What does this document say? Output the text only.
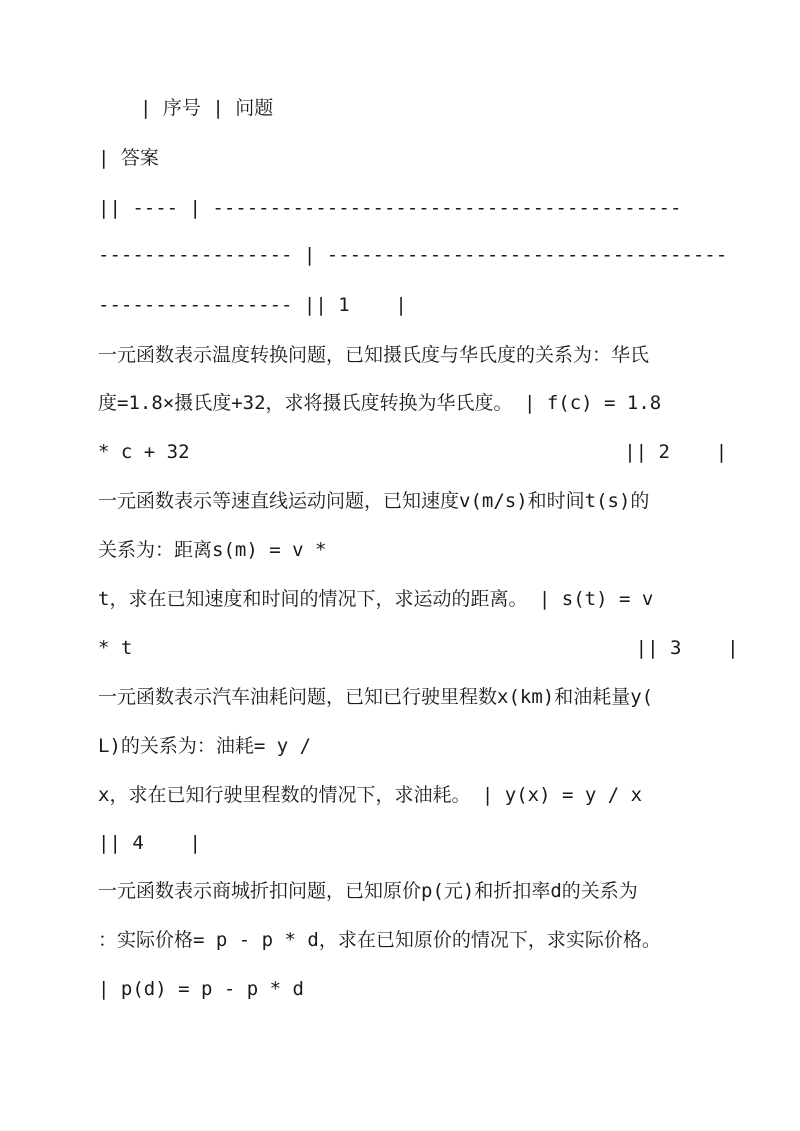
| 序号 | 问题
| 答案
|| ---- | -----------------------------------------
----------------- | -----------------------------------
----------------- || 1    |
一元函数表示温度转换问题，已知摄氏度与华氏度的关系为：华氏
度=1.8×摄氏度+32，求将摄氏度转换为华氏度。 | f(c) = 1.8
* c + 32                                      || 2    |
一元函数表示等速直线运动问题，已知速度v(m/s)和时间t(s)的
关系为：距离s(m) = v *
t，求在已知速度和时间的情况下，求运动的距离。 | s(t) = v
* t                                            || 3    |
一元函数表示汽车油耗问题，已知已行驶里程数x(km)和油耗量y(
L)的关系为：油耗= y /
x，求在已知行驶里程数的情况下，求油耗。 | y(x) = y / x
|| 4    |
一元函数表示商城折扣问题，已知原价p(元)和折扣率d的关系为
：实际价格= p - p * d，求在已知原价的情况下，求实际价格。
| p(d) = p - p * d
